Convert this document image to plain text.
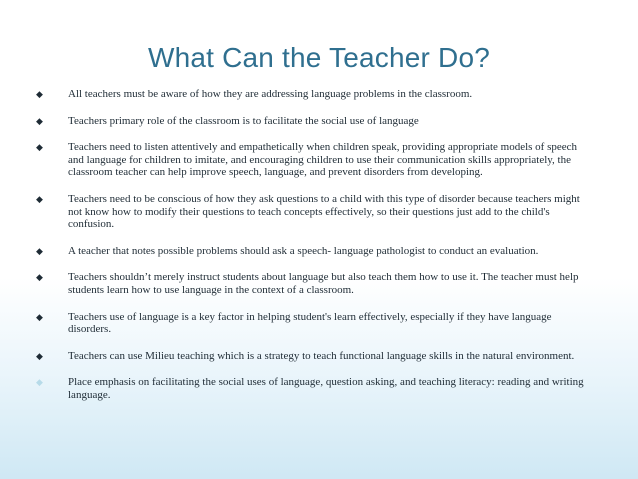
What Can the Teacher Do?
◆ All teachers must be aware of how they are addressing language problems in the classroom.
◆ Teachers primary role of the classroom is to facilitate the social use of language
◆ Teachers need to listen attentively and empathetically when children speak, providing appropriate models of speech and language for children to imitate, and encouraging children to use their communication skills appropriately, the classroom teacher can help improve speech, language, and prevent disorders from developing.
◆ Teachers need to be conscious of how they ask questions to a child with this type of disorder because teachers might not know how to modify their questions to teach concepts effectively, so their questions just add to the child's confusion.
◆ A teacher that notes possible problems should ask a speech- language pathologist to conduct an evaluation.
◆ Teachers shouldn’t merely instruct students about language but also teach them how to use it. The teacher must help students learn how to use language in the context of a classroom.
◆ Teachers use of language is a key factor in helping student's learn effectively, especially if they have language disorders.
◆ Teachers can use Milieu teaching which is a strategy to teach functional language skills in the natural environment.
◆ Place emphasis on facilitating the social uses of language, question asking, and teaching literacy: reading and writing language.
